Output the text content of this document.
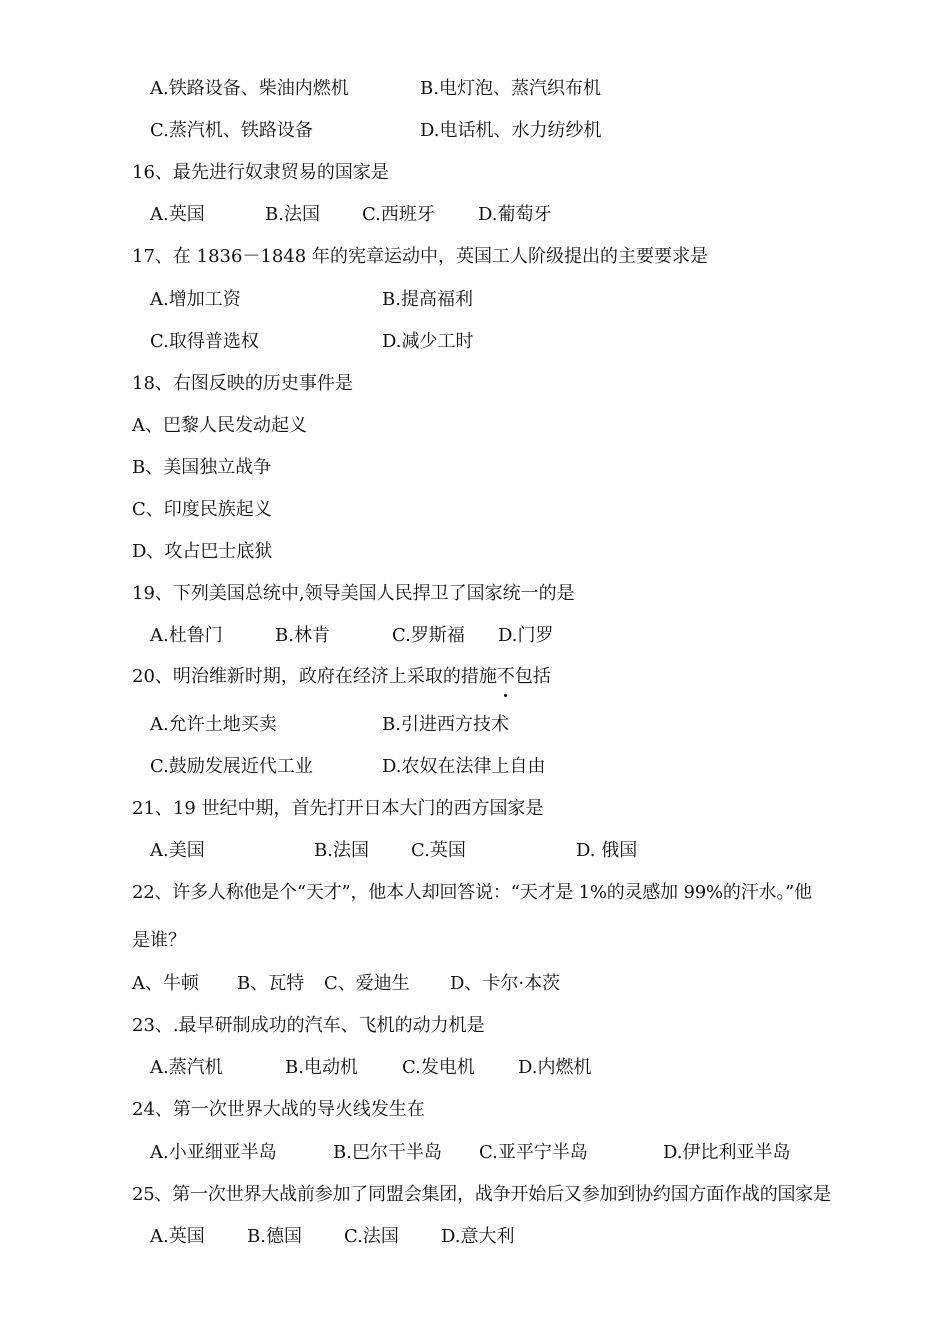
A.铁路设备、柴油内燃机	B.电灯泡、蒸汽织布机
C.蒸汽机、铁路设备	D.电话机、水力纺纱机
16、最先进行奴隶贸易的国家是
A.英国	B.法国 C.西班牙 D.葡萄牙
17、在 1836－1848 年的宪章运动中，英国工人阶级提出的主要要求是
A.增加工资	B.提高福利
C.取得普选权	D.减少工时
18、右图反映的历史事件是
A、巴黎人民发动起义
B、美国独立战争
C、印度民族起义
D、攻占巴士底狱
19、下列美国总统中,领导美国人民捍卫了国家统一的是
A.杜鲁门	B.林肯	C.罗斯福 D.门罗
20、明治维新时期，政府在经济上采取的措施不包括
A.允许土地买卖	B.引进西方技术
C.鼓励发展近代工业	D.农奴在法律上自由
21、19 世纪中期，首先打开日本大门的西方国家是
A.美国	B.法国 C.英国	D. 俄国
22、许多人称他是个“天才”，他本人却回答说：“天才是 1%的灵感加 99%的汗水。”他
是谁？
A、牛顿 B、瓦特 C、爱迪生 D、卡尔·本茨
23、.最早研制成功的汽车、飞机的动力机是
A.蒸汽机	B.电动机 C.发电机 D.内燃机
24、第一次世界大战的导火线发生在
A.小亚细亚半岛	B.巴尔干半岛 C.亚平宁半岛	D.伊比利亚半岛
25、第一次世界大战前参加了同盟会集团，战争开始后又参加到协约国方面作战的国家是
A.英国 B.德国 C.法国 D.意大利
